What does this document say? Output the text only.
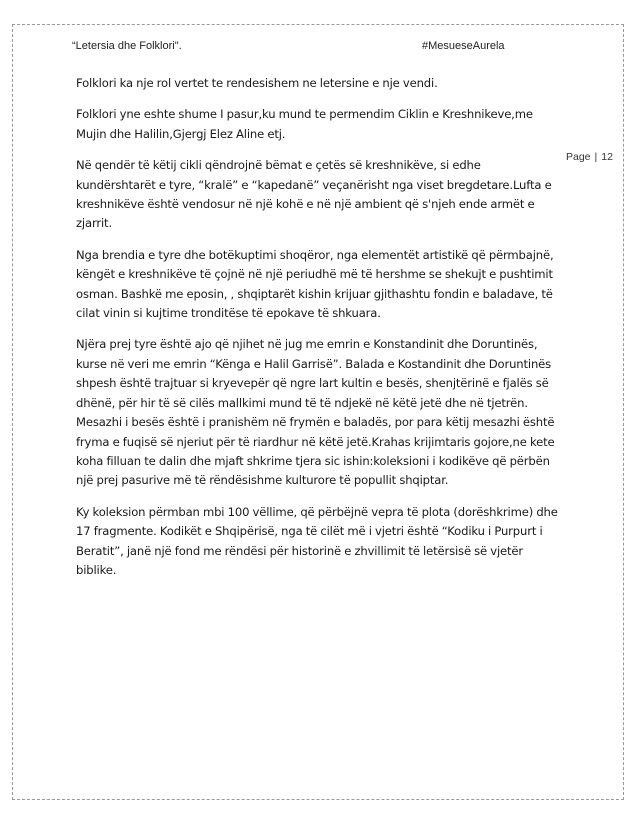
“Letersia dhe Folklori".	#MesueseAurela
Page | 12

Folklori ka nje rol vertet te rendesishem ne letersine e nje vendi.

Folklori yne eshte shume I pasur,ku mund te permendim Ciklin e Kreshnikeve,me Mujin dhe Halilin,Gjergj Elez Aline etj.

Në qendër të këtij cikli qëndrojnë bëmat e çetës së kreshnikëve, si edhe kundërshtarët e tyre, “kralë” e “kapedanë” veçanërisht nga viset bregdetare.Lufta e kreshnikëve është vendosur në një kohë e në një ambient që s'njeh ende armët e zjarrit.

Nga brendia e tyre dhe botëkuptimi shoqëror, nga elementët artistikë që përmbajnë, këngët e kreshnikëve të çojnë në një periudhë më të hershme se shekujt e pushtimit osman. Bashkë me eposin, , shqiptarët kishin krijuar gjithashtu fondin e baladave, të cilat vinin si kujtime tronditëse të epokave të shkuara.

Njëra prej tyre është ajo që njihet në jug me emrin e Konstandinit dhe Doruntinës, kurse në veri me emrin “Kënga e Halil Garrisë”. Balada e Kostandinit dhe Doruntinës shpesh është trajtuar si kryevepër që ngre lart kultin e besës, shenjtërinë e fjalës së dhënë, për hir të së cilës mallkimi mund të të ndjekë në këtë jetë dhe në tjetrën. Mesazhi i besës është i pranishëm në frymën e baladës, por para këtij mesazhi është fryma e fuqisë së njeriut për të riardhur në këtë jetë.Krahas krijimtaris gojore,ne kete koha filluan te dalin dhe mjaft shkrime tjera sic ishin:koleksioni i kodikëve që përbën një prej pasurive më të rëndësishme kulturore të popullit shqiptar.

Ky koleksion përmban mbi 100 vëllime, që përbëjnë vepra të plota (dorëshkrime) dhe 17 fragmente. Kodikët e Shqipërisë, nga të cilët më i vjetri është “Kodiku i Purpurt i Beratit”, janë një fond me rëndësi për historinë e zhvillimit të letërsisë së vjetër biblike.
